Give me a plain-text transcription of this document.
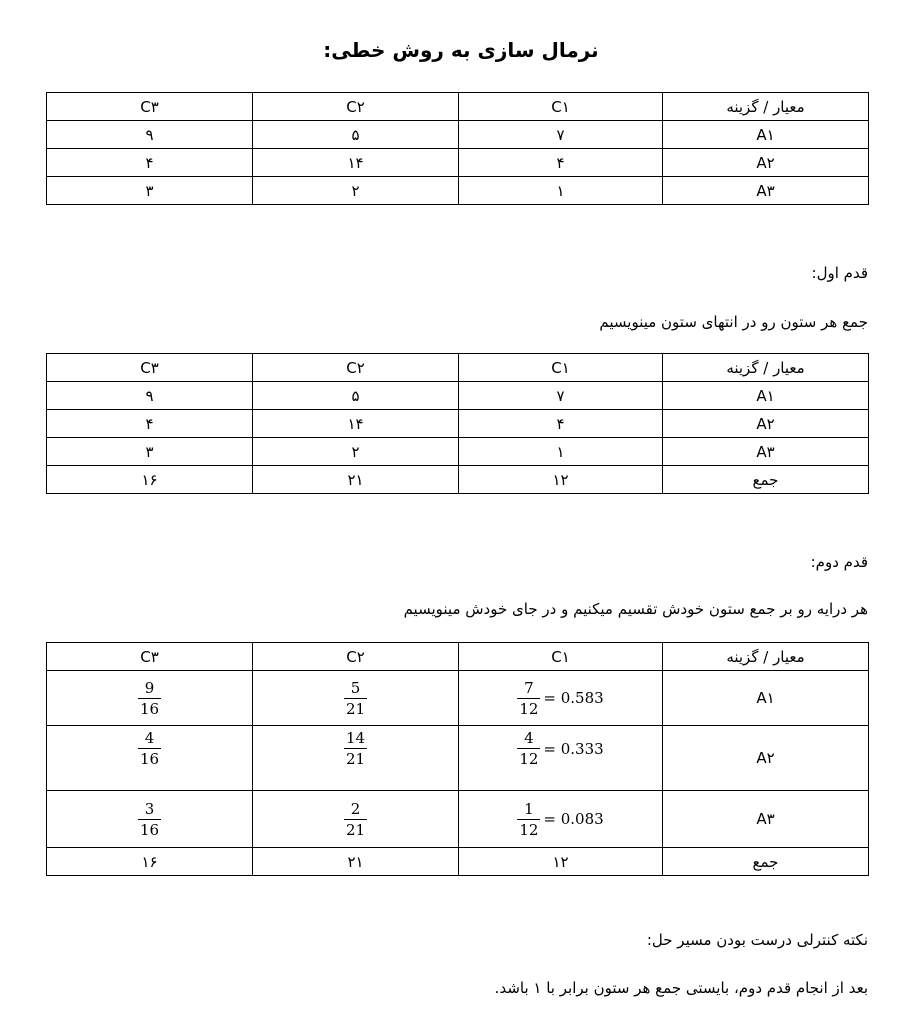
نرمال سازی به روش خطی:
معیار / گزینه	C۱	C۲	C۳
A۱	۷	۵	۹
A۲	۴	۱۴	۴
A۳	۱	۲	۳
قدم اول:
جمع هر ستون رو در انتهای ستون مینویسیم
معیار / گزینه	C۱	C۲	C۳
A۱	۷	۵	۹
A۲	۴	۱۴	۴
A۳	۱	۲	۳
جمع	۱۲	۲۱	۱۶
قدم دوم:
هر درایه رو بر جمع ستون خودش تقسیم میکنیم و در جای خودش مینویسیم
معیار / گزینه	C۱	C۲	C۳
A۱	$\frac{7}{12} = 0.583$	$\frac{5}{21}$	$\frac{9}{16}$

A۲	$\frac{4}{12} = 0.333$	$\frac{14}{21}$	$\frac{4}{16}$

A۳	$\frac{1}{12} = 0.083$	$\frac{2}{21}$	$\frac{3}{16}$

جمع	۱۲	۲۱	۱۶
نکته کنترلی درست بودن مسیر حل:
بعد از انجام قدم دوم، بایستی جمع هر ستون برابر با ۱ باشد.
